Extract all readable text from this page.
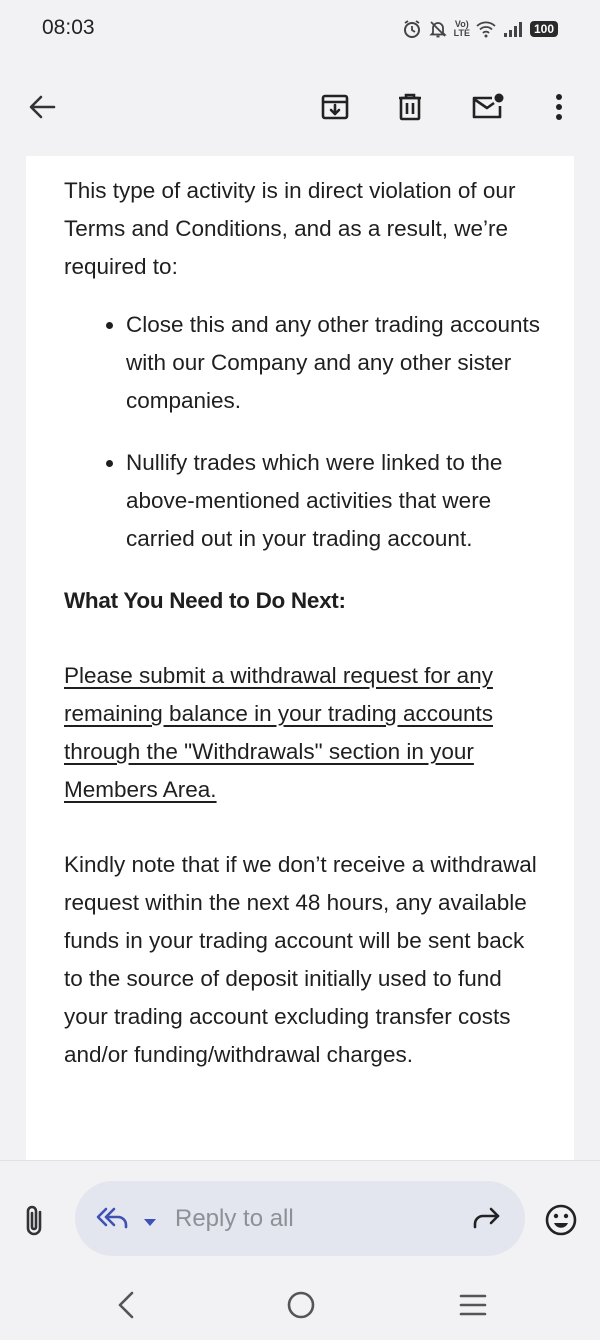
08:03	Vo)
LTE	100

This type of activity is in direct violation of our Terms and Conditions, and as a result, we’re required to:

Close this and any other trading accounts with our Company and any other sister companies.
Nullify trades which were linked to the above-mentioned activities that were carried out in your trading account.

What You Need to Do Next:

Please submit a withdrawal request for any remaining balance in your trading accounts through the "Withdrawals" section in your Members Area.

Kindly note that if we don’t receive a withdrawal request within the next 48 hours, any available funds in your trading account will be sent back to the source of deposit initially used to fund your trading account excluding transfer costs and/or funding/withdrawal charges.

Reply to all
